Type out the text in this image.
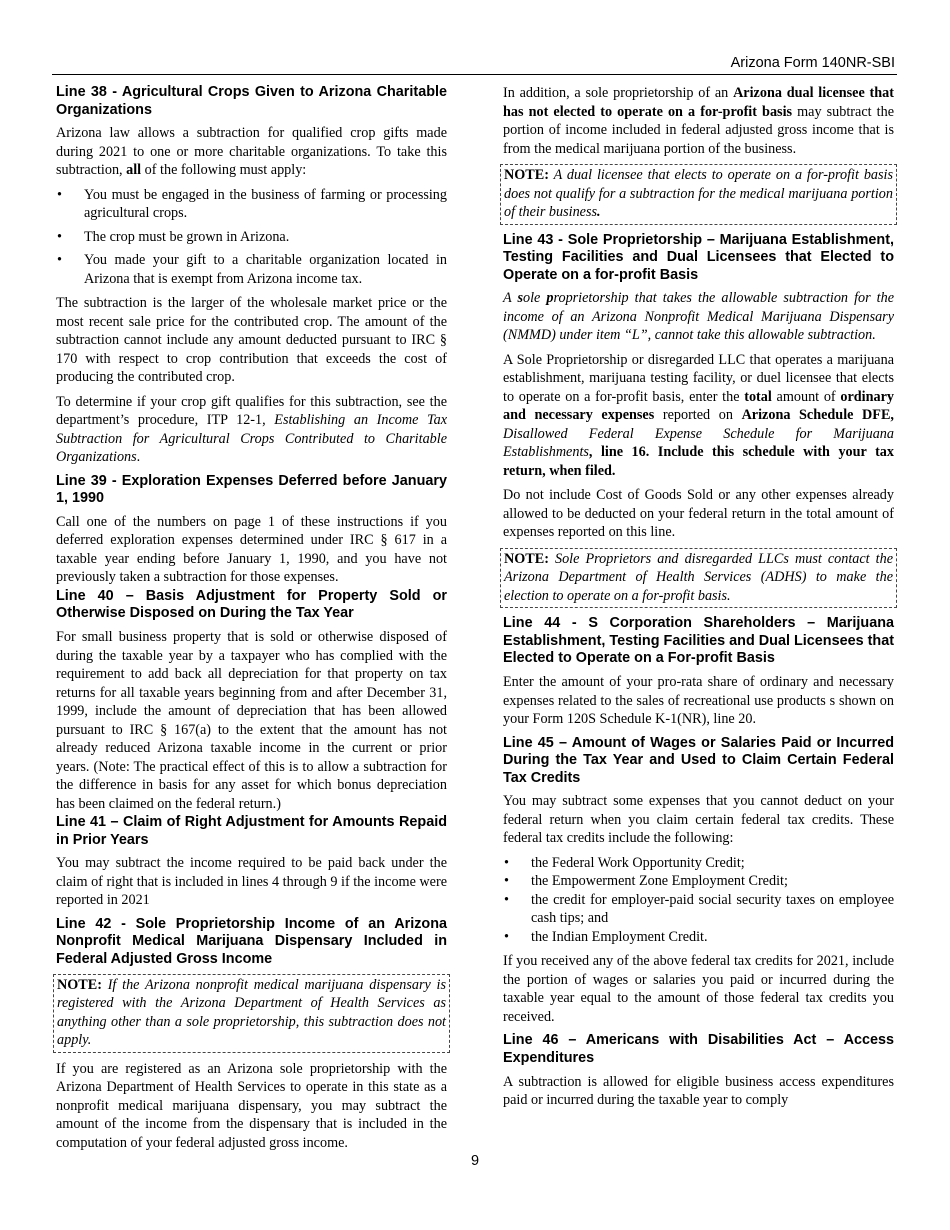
Arizona Form 140NR-SBI
Line 38 - Agricultural Crops Given to Arizona Charitable Organizations
Arizona law allows a subtraction for qualified crop gifts made during 2021 to one or more charitable organizations. To take this subtraction, all of the following must apply:
• You must be engaged in the business of farming or processing agricultural crops.
• The crop must be grown in Arizona.
• You made your gift to a charitable organization located in Arizona that is exempt from Arizona income tax.
The subtraction is the larger of the wholesale market price or the most recent sale price for the contributed crop. The amount of the subtraction cannot include any amount deducted pursuant to IRC § 170 with respect to crop contribution that exceeds the cost of producing the contributed crop.
To determine if your crop gift qualifies for this subtraction, see the department’s procedure, ITP 12-1, Establishing an Income Tax Subtraction for Agricultural Crops Contributed to Charitable Organizations.
Line 39 - Exploration Expenses Deferred before January 1, 1990
Call one of the numbers on page 1 of these instructions if you deferred exploration expenses determined under IRC § 617 in a taxable year ending before January 1, 1990, and you have not previously taken a subtraction for those expenses.
Line 40 – Basis Adjustment for Property Sold or Otherwise Disposed on During the Tax Year
For small business property that is sold or otherwise disposed of during the taxable year by a taxpayer who has complied with the requirement to add back all depreciation for that property on tax returns for all taxable years beginning from and after December 31, 1999, include the amount of depreciation that has been allowed pursuant to IRC § 167(a) to the extent that the amount has not already reduced Arizona taxable income in the current or prior years. (Note: The practical effect of this is to allow a subtraction for the difference in basis for any asset for which bonus depreciation has been claimed on the federal return.)
Line 41 – Claim of Right Adjustment for Amounts Repaid in Prior Years
You may subtract the income required to be paid back under the claim of right that is included in lines 4 through 9 if the income were reported in 2021
Line 42 - Sole Proprietorship Income of an Arizona Nonprofit Medical Marijuana Dispensary Included in Federal Adjusted Gross Income
NOTE: If the Arizona nonprofit medical marijuana dispensary is registered with the Arizona Department of Health Services as anything other than a sole proprietorship, this subtraction does not apply.
If you are registered as an Arizona sole proprietorship with the Arizona Department of Health Services to operate in this state as a nonprofit medical marijuana dispensary, you may subtract the amount of the income from the dispensary that is included in the computation of your federal adjusted gross income.
In addition, a sole proprietorship of an Arizona dual licensee that has not elected to operate on a for-profit basis may subtract the portion of income included in federal adjusted gross income that is from the medical marijuana portion of the business.
NOTE: A dual licensee that elects to operate on a for-profit basis does not qualify for a subtraction for the medical marijuana portion of their business.
Line 43 - Sole Proprietorship – Marijuana Establishment, Testing Facilities and Dual Licensees that Elected to Operate on a for-profit Basis
A sole proprietorship that takes the allowable subtraction for the income of an Arizona Nonprofit Medical Marijuana Dispensary (NMMD) under item “L”, cannot take this allowable subtraction.
A Sole Proprietorship or disregarded LLC that operates a marijuana establishment, marijuana testing facility, or duel licensee that elects to operate on a for-profit basis, enter the total amount of ordinary and necessary expenses reported on Arizona Schedule DFE, Disallowed Federal Expense Schedule for Marijuana Establishments, line 16. Include this schedule with your tax return, when filed.
Do not include Cost of Goods Sold or any other expenses already allowed to be deducted on your federal return in the total amount of expenses reported on this line.
NOTE: Sole Proprietors and disregarded LLCs must contact the Arizona Department of Health Services (ADHS) to make the election to operate on a for-profit basis.
Line 44 - S Corporation Shareholders – Marijuana Establishment, Testing Facilities and Dual Licensees that Elected to Operate on a For-profit Basis
Enter the amount of your pro-rata share of ordinary and necessary expenses related to the sales of recreational use products s shown on your Form 120S Schedule K-1(NR), line 20.
Line 45 – Amount of Wages or Salaries Paid or Incurred During the Tax Year and Used to Claim Certain Federal Tax Credits
You may subtract some expenses that you cannot deduct on your federal return when you claim certain federal tax credits. These federal tax credits include the following:
• the Federal Work Opportunity Credit;
• the Empowerment Zone Employment Credit;
• the credit for employer-paid social security taxes on employee cash tips; and
• the Indian Employment Credit.
If you received any of the above federal tax credits for 2021, include the portion of wages or salaries you paid or incurred during the taxable year equal to the amount of those federal tax credits you received.
Line 46 – Americans with Disabilities Act – Access Expenditures
A subtraction is allowed for eligible business access expenditures paid or incurred during the taxable year to comply
9
